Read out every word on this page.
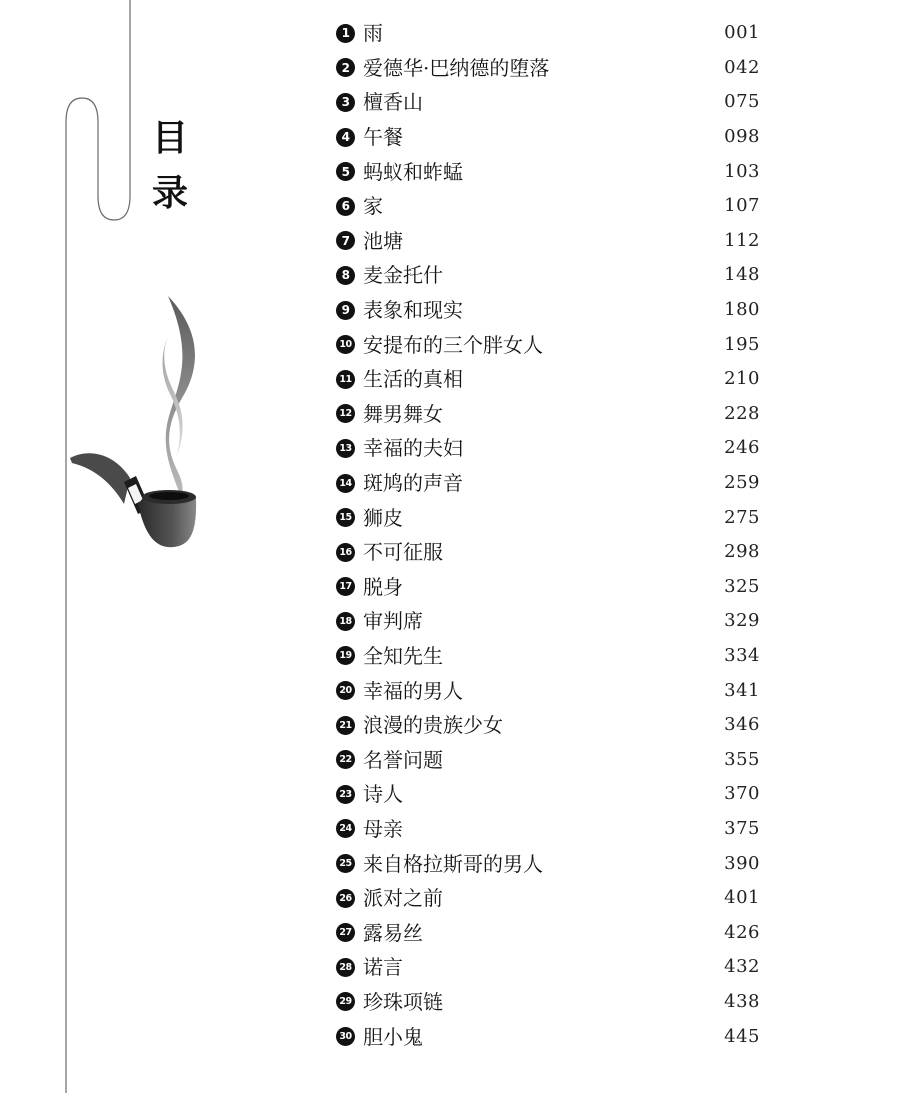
目
录
1 雨	001
2 爱德华·巴纳德的堕落	042
3 檀香山	075
4 午餐	098
5 蚂蚁和蚱蜢	103
6 家	107
7 池塘	112
8 麦金托什	148
9 表象和现实	180
10 安提布的三个胖女人	195
11 生活的真相	210
12 舞男舞女	228
13 幸福的夫妇	246
14 斑鸠的声音	259
15 狮皮	275
16 不可征服	298
17 脱身	325
18 审判席	329
19 全知先生	334
20 幸福的男人	341
21 浪漫的贵族少女	346
22 名誉问题	355
23 诗人	370
24 母亲	375
25 来自格拉斯哥的男人	390
26 派对之前	401
27 露易丝	426
28 诺言	432
29 珍珠项链	438
30 胆小鬼	445
